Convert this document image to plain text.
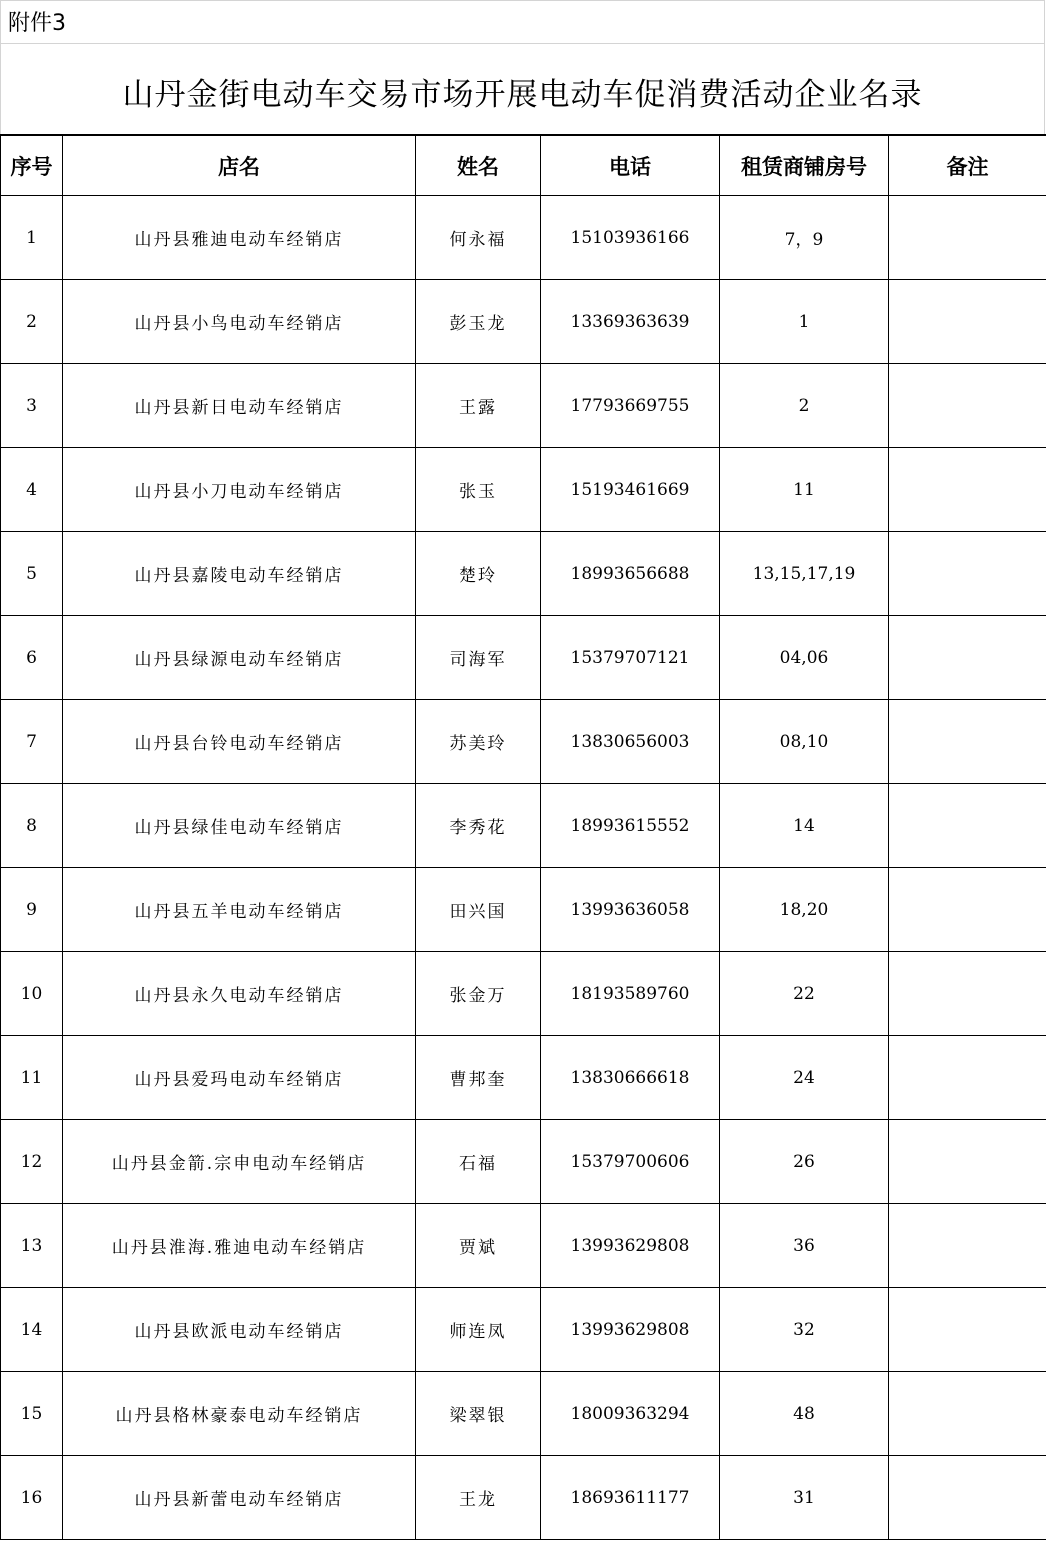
附件3
山丹金街电动车交易市场开展电动车促消费活动企业名录
序号	店名	姓名	电话	租赁商铺房号	备注
1	山丹县雅迪电动车经销店	何永福	15103936166	7，9	
2	山丹县小鸟电动车经销店	彭玉龙	13369363639	1	
3	山丹县新日电动车经销店	王露	17793669755	2	
4	山丹县小刀电动车经销店	张玉	15193461669	11	
5	山丹县嘉陵电动车经销店	楚玲	18993656688	13,15,17,19	
6	山丹县绿源电动车经销店	司海军	15379707121	04,06	
7	山丹县台铃电动车经销店	苏美玲	13830656003	08,10	
8	山丹县绿佳电动车经销店	李秀花	18993615552	14	
9	山丹县五羊电动车经销店	田兴国	13993636058	18,20	
10	山丹县永久电动车经销店	张金万	18193589760	22	
11	山丹县爱玛电动车经销店	曹邦奎	13830666618	24	
12	山丹县金箭.宗申电动车经销店	石福	15379700606	26	
13	山丹县淮海.雅迪电动车经销店	贾斌	13993629808	36	
14	山丹县欧派电动车经销店	师连凤	13993629808	32	
15	山丹县格林豪泰电动车经销店	梁翠银	18009363294	48	
16	山丹县新蕾电动车经销店	王龙	18693611177	31	
